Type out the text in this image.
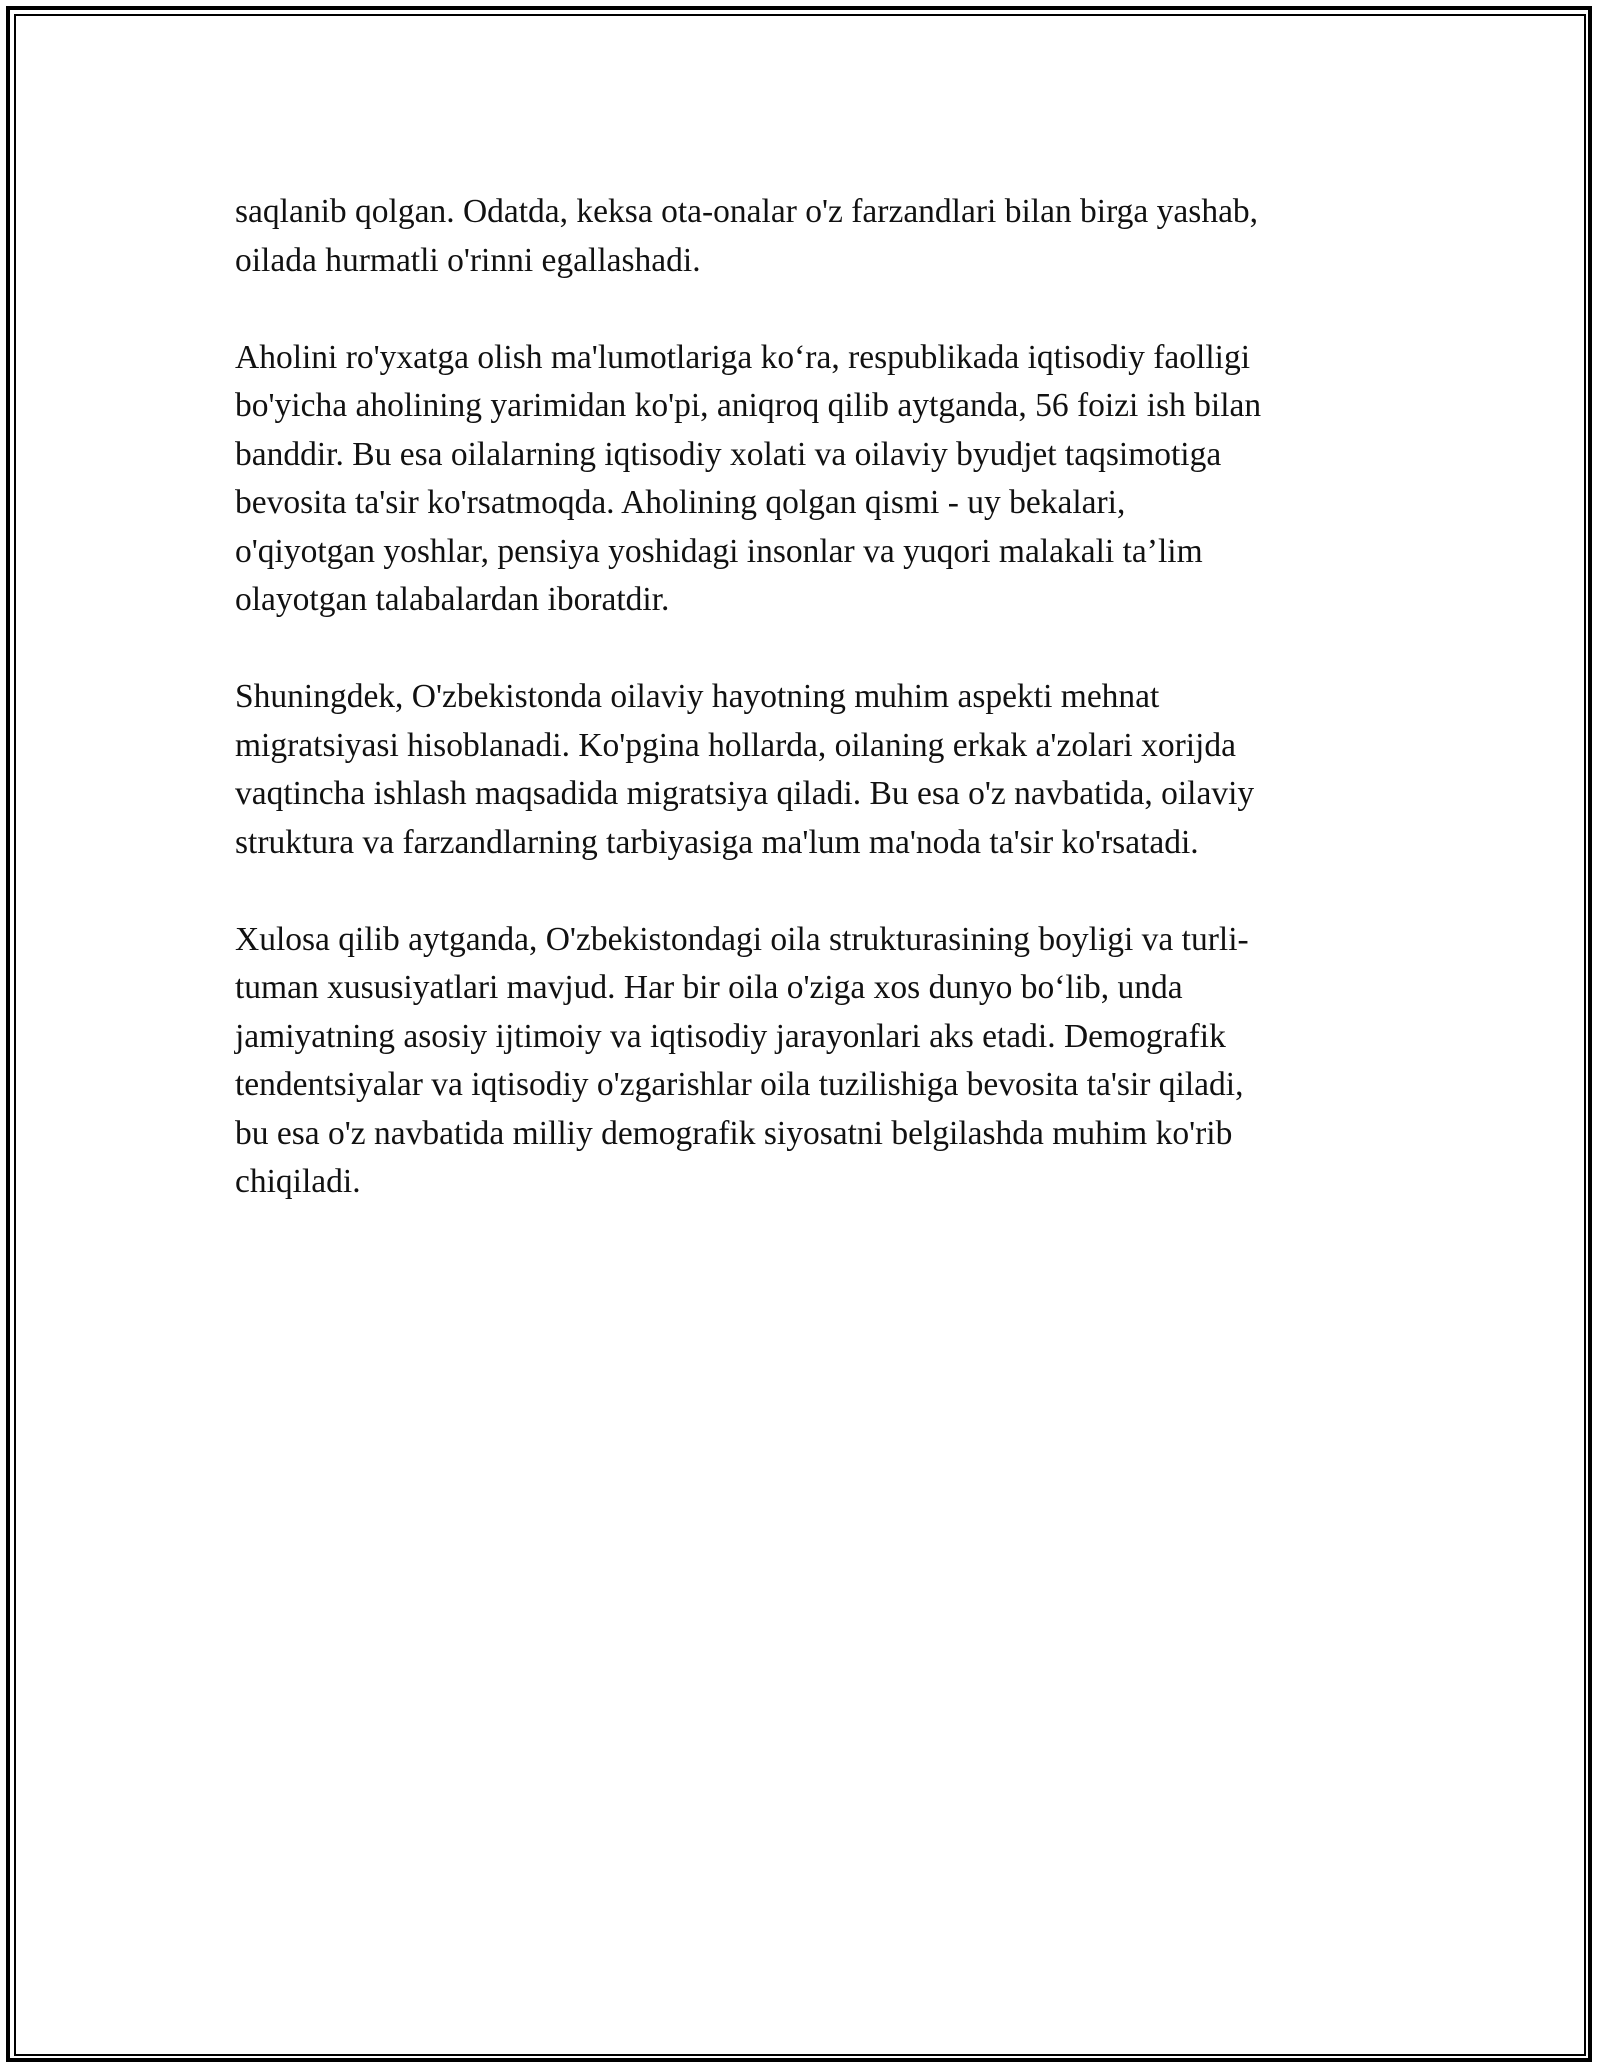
saqlanib qolgan. Odatda, keksa ota-onalar o'z farzandlari bilan birga yashab,
oilada hurmatli o'rinni egallashadi.

Aholini ro'yxatga olish ma'lumotlariga ko‘ra, respublikada iqtisodiy faolligi
bo'yicha aholining yarimidan ko'pi, aniqroq qilib aytganda, 56 foizi ish bilan
banddir. Bu esa oilalarning iqtisodiy xolati va oilaviy byudjet taqsimotiga
bevosita ta'sir ko'rsatmoqda. Aholining qolgan qismi - uy bekalari,
o'qiyotgan yoshlar, pensiya yoshidagi insonlar va yuqori malakali ta’lim
olayotgan talabalardan iboratdir.

Shuningdek, O'zbekistonda oilaviy hayotning muhim aspekti mehnat
migratsiyasi hisoblanadi. Ko'pgina hollarda, oilaning erkak a'zolari xorijda
vaqtincha ishlash maqsadida migratsiya qiladi. Bu esa o'z navbatida, oilaviy
struktura va farzandlarning tarbiyasiga ma'lum ma'noda ta'sir ko'rsatadi.

Xulosa qilib aytganda, O'zbekistondagi oila strukturasining boyligi va turli-
tuman xususiyatlari mavjud. Har bir oila o'ziga xos dunyo bo‘lib, unda
jamiyatning asosiy ijtimoiy va iqtisodiy jarayonlari aks etadi. Demografik
tendentsiyalar va iqtisodiy o'zgarishlar oila tuzilishiga bevosita ta'sir qiladi,
bu esa o'z navbatida milliy demografik siyosatni belgilashda muhim ko'rib
chiqiladi.
